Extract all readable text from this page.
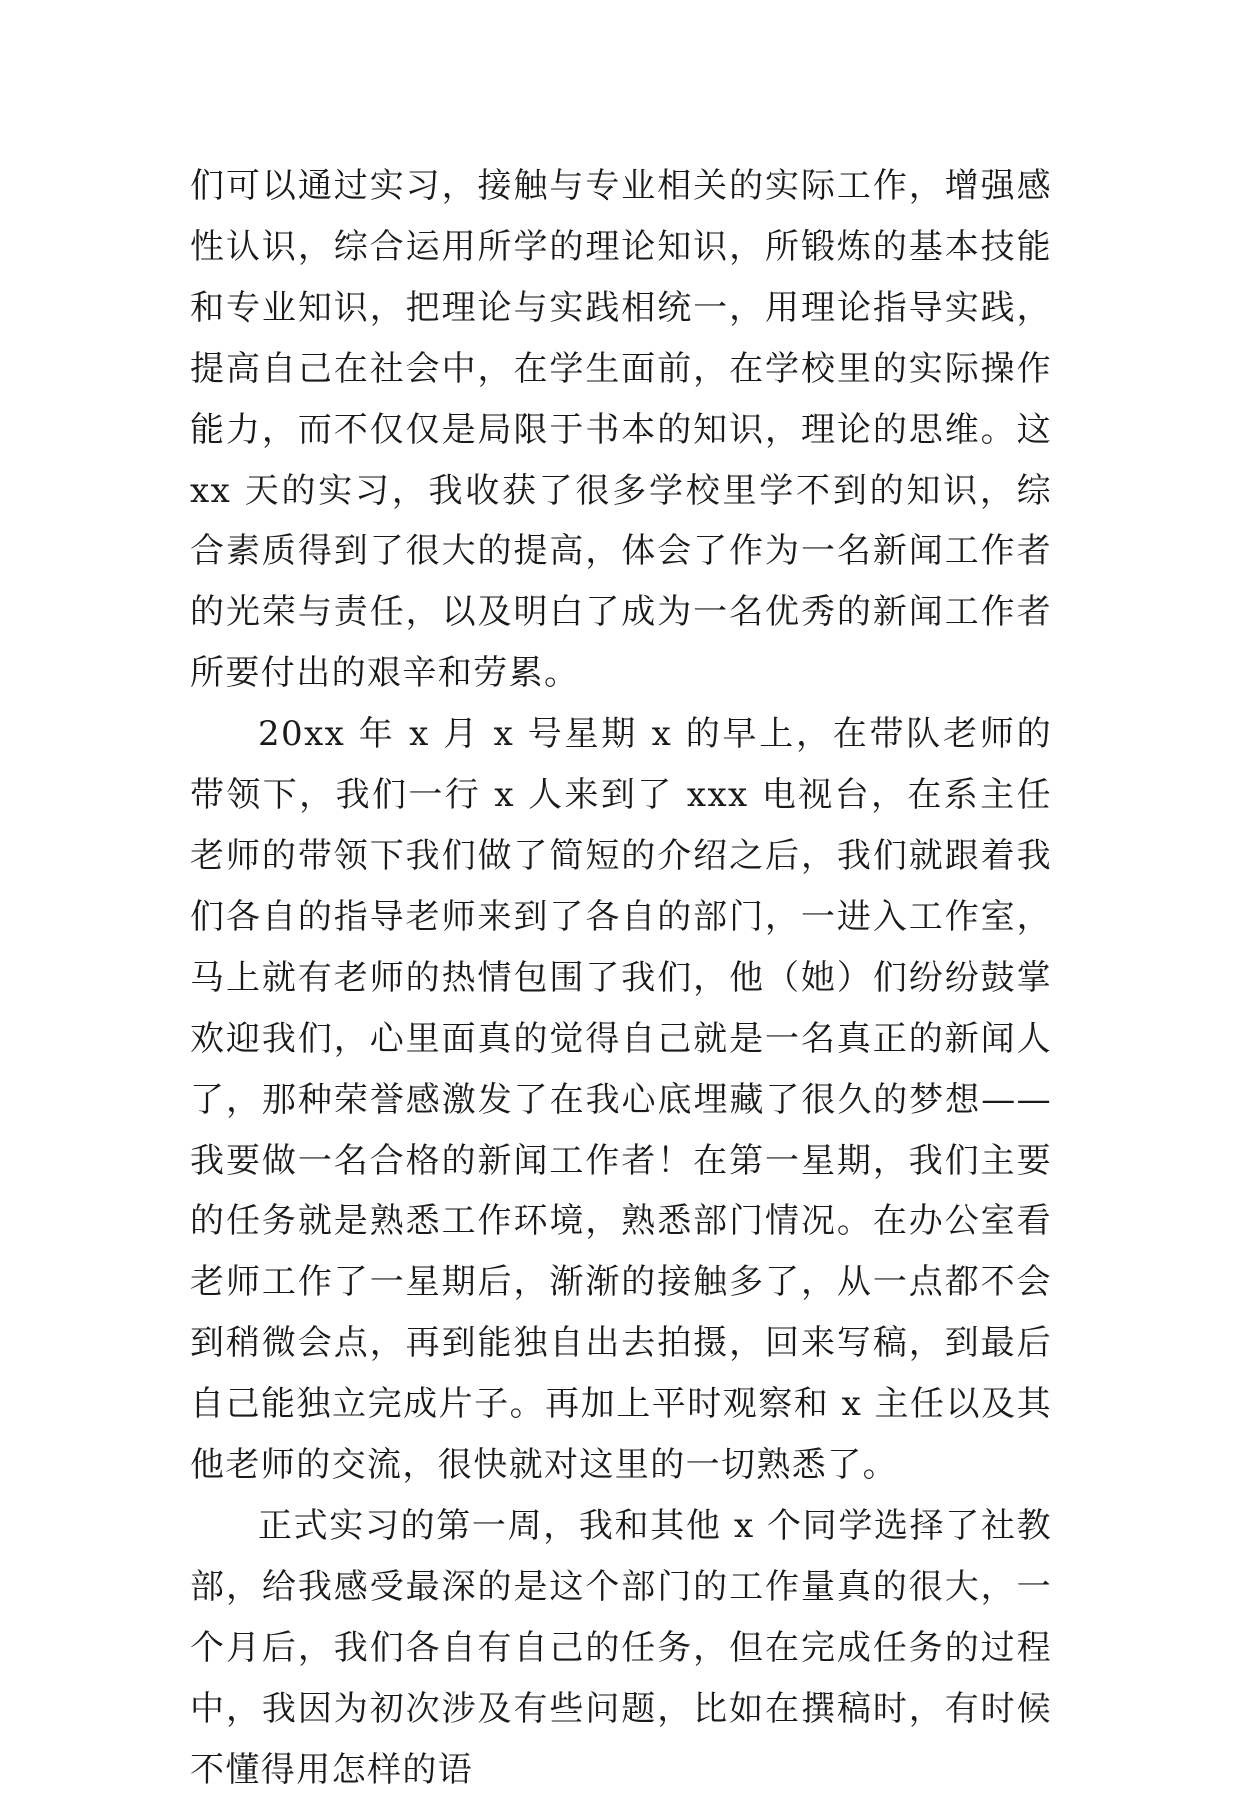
们可以通过实习，接触与专业相关的实际工作，增强感性认识，综合运用所学的理论知识，所锻炼的基本技能和专业知识，把理论与实践相统一，用理论指导实践，提高自己在社会中，在学生面前，在学校里的实际操作能力，而不仅仅是局限于书本的知识，理论的思维。这 xx 天的实习，我收获了很多学校里学不到的知识，综合素质得到了很大的提高，体会了作为一名新闻工作者的光荣与责任，以及明白了成为一名优秀的新闻工作者所要付出的艰辛和劳累。

20xx 年 x 月 x 号星期 x 的早上，在带队老师的带领下，我们一行 x 人来到了 xxx 电视台，在系主任老师的带领下我们做了简短的介绍之后，我们就跟着我们各自的指导老师来到了各自的部门，一进入工作室，马上就有老师的热情包围了我们，他（她）们纷纷鼓掌欢迎我们，心里面真的觉得自己就是一名真正的新闻人了，那种荣誉感激发了在我心底埋藏了很久的梦想——我要做一名合格的新闻工作者！在第一星期，我们主要的任务就是熟悉工作环境，熟悉部门情况。在办公室看老师工作了一星期后，渐渐的接触多了，从一点都不会到稍微会点，再到能独自出去拍摄，回来写稿，到最后自己能独立完成片子。再加上平时观察和 x 主任以及其他老师的交流，很快就对这里的一切熟悉了。

正式实习的第一周，我和其他 x 个同学选择了社教部，给我感受最深的是这个部门的工作量真的很大，一个月后，我们各自有自己的任务，但在完成任务的过程中，我因为初次涉及有些问题，比如在撰稿时，有时候不懂得用怎样的语
